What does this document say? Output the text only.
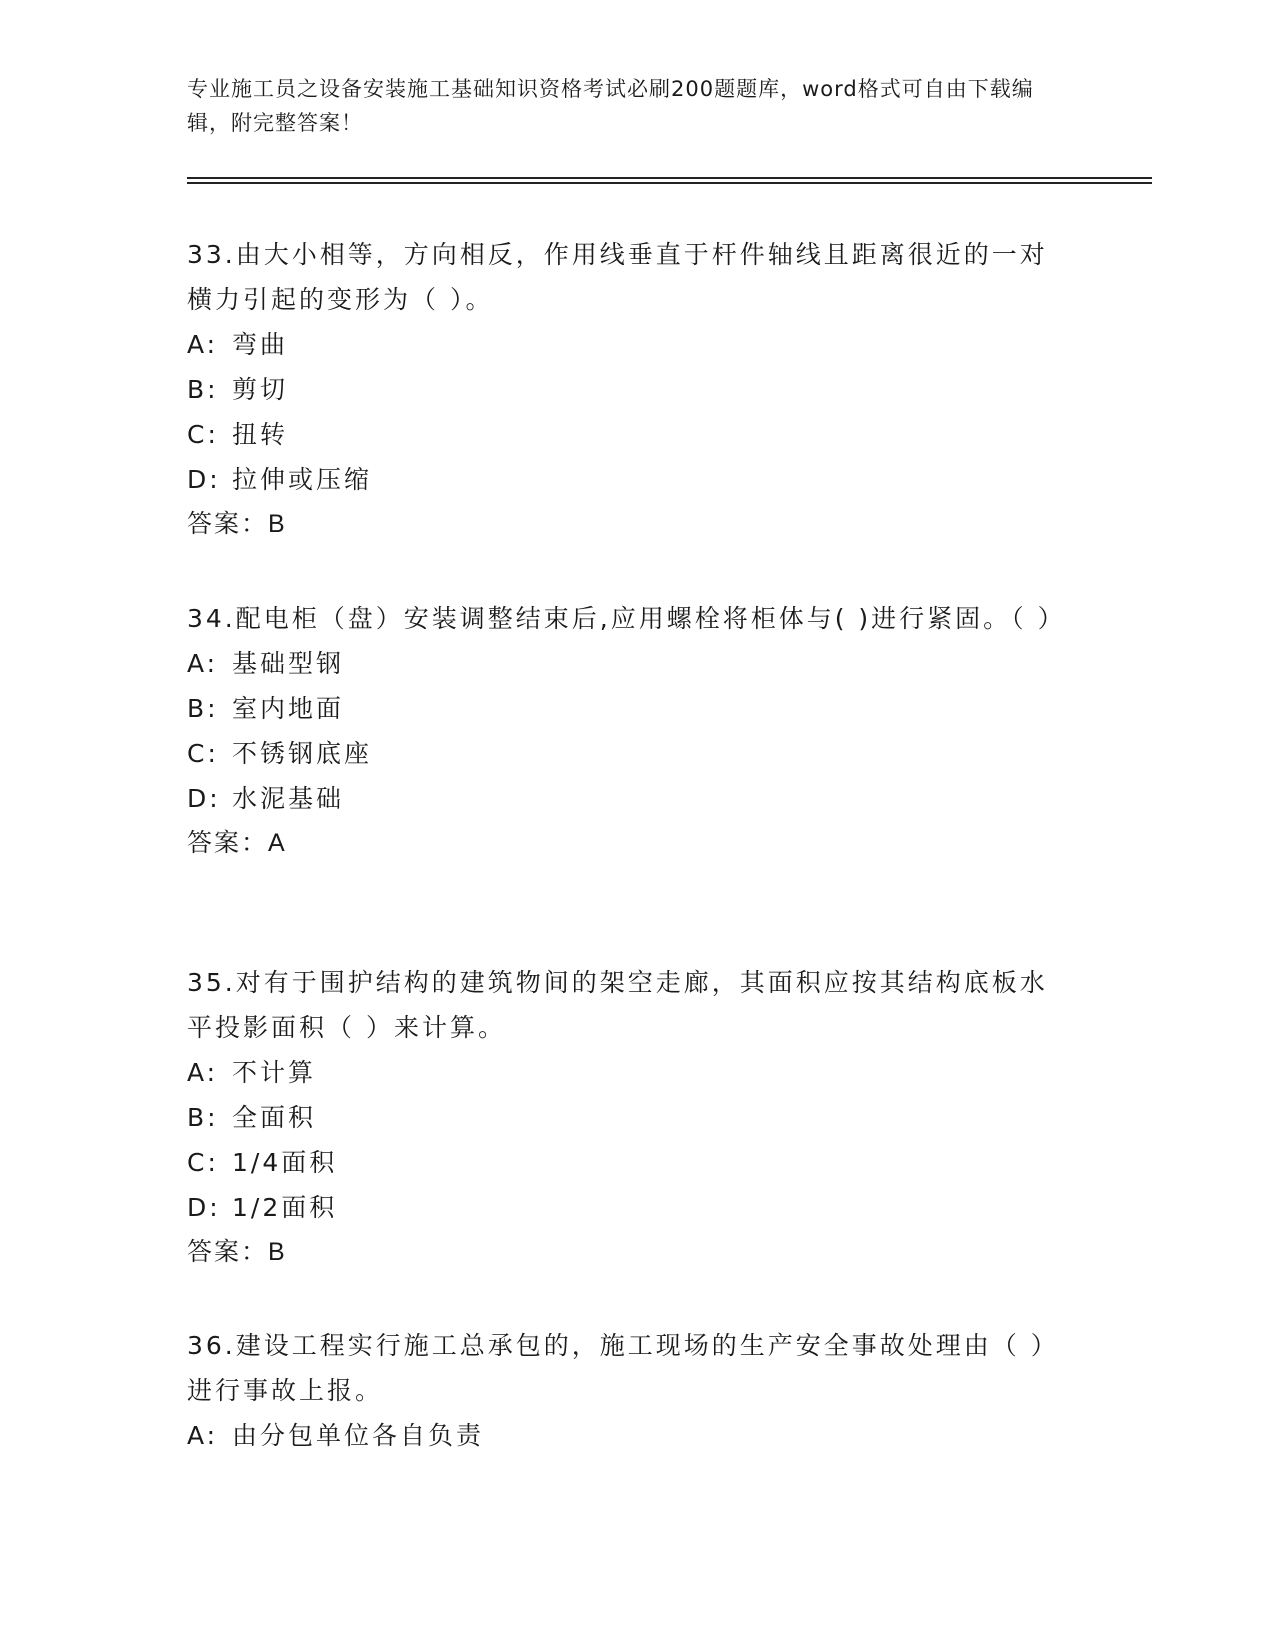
专业施工员之设备安装施工基础知识资格考试必刷200题题库，word格式可自由下载编辑，附完整答案！
33.由大小相等，方向相反，作用线垂直于杆件轴线且距离很近的一对横力引起的变形为（ ）。
A: 弯曲
B: 剪切
C: 扭转
D: 拉伸或压缩
答案： B
34.配电柜（盘）安装调整结束后,应用螺栓将柜体与( )进行紧固。（ ）
A: 基础型钢
B: 室内地面
C: 不锈钢底座
D: 水泥基础
答案： A
35.对有于围护结构的建筑物间的架空走廊，其面积应按其结构底板水平投影面积（ ）来计算。
A: 不计算
B: 全面积
C: 1/4面积
D: 1/2面积
答案： B
36.建设工程实行施工总承包的，施工现场的生产安全事故处理由（ ）进行事故上报。
A: 由分包单位各自负责
